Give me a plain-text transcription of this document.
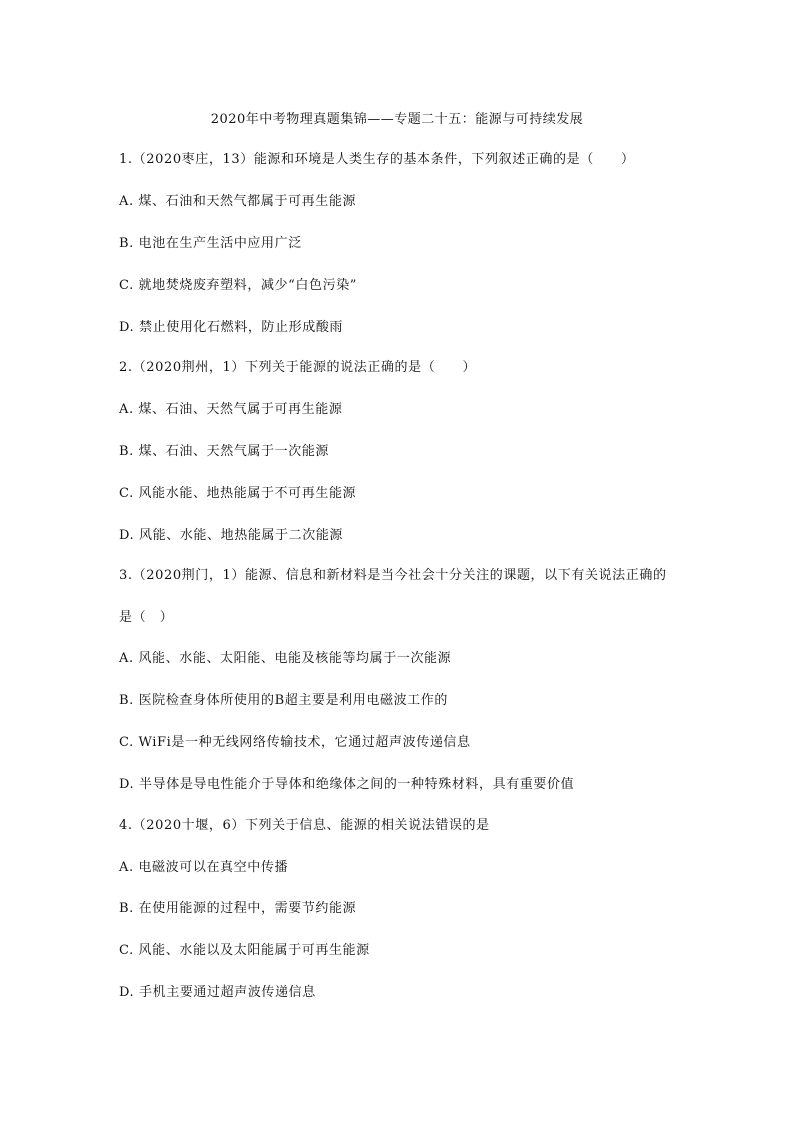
2020年中考物理真题集锦——专题二十五：能源与可持续发展
1.（2020枣庄，13）能源和环境是人类生存的基本条件，下列叙述正确的是（　　）
A. 煤、石油和天然气都属于可再生能源
B. 电池在生产生活中应用广泛
C. 就地焚烧废弃塑料，减少“白色污染”
D. 禁止使用化石燃料，防止形成酸雨
2.（2020荆州，1）下列关于能源的说法正确的是（　　）
A. 煤、石油、天然气属于可再生能源
B. 煤、石油、天然气属于一次能源
C. 风能水能、地热能属于不可再生能源
D. 风能、水能、地热能属于二次能源
3.（2020荆门，1）能源、信息和新材料是当今社会十分关注的课题，以下有关说法正确的
是（　）
A. 风能、水能、太阳能、电能及核能等均属于一次能源
B. 医院检查身体所使用的B超主要是利用电磁波工作的
C. WiFi是一种无线网络传输技术，它通过超声波传递信息
D. 半导体是导电性能介于导体和绝缘体之间的一种特殊材料，具有重要价值
4.（2020十堰，6）下列关于信息、能源的相关说法错误的是
A. 电磁波可以在真空中传播
B. 在使用能源的过程中，需要节约能源
C. 风能、水能以及太阳能属于可再生能源
D. 手机主要通过超声波传递信息
